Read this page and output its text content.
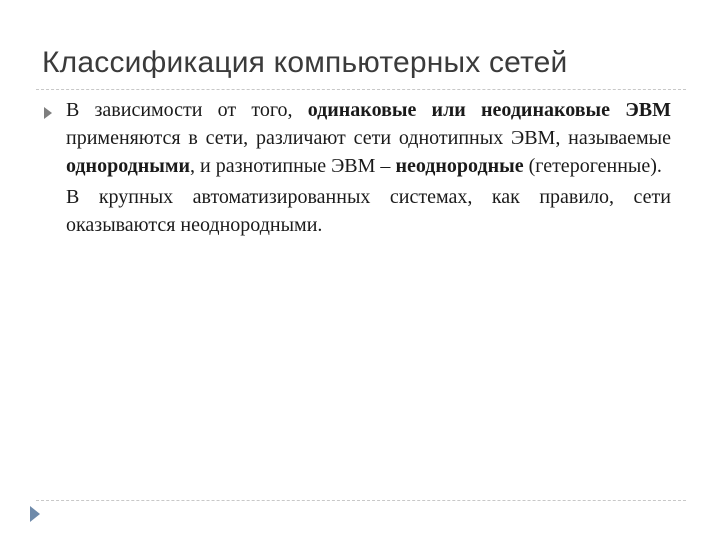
Классификация компьютерных сетей

В зависимости от того, одинаковые или неодинаковые ЭВМ применяются в сети, различают сети однотипных ЭВМ, называемые однородными, и разнотипные ЭВМ – неоднородные (гетерогенные).

В крупных автоматизированных системах, как правило, сети оказываются неоднородными.
